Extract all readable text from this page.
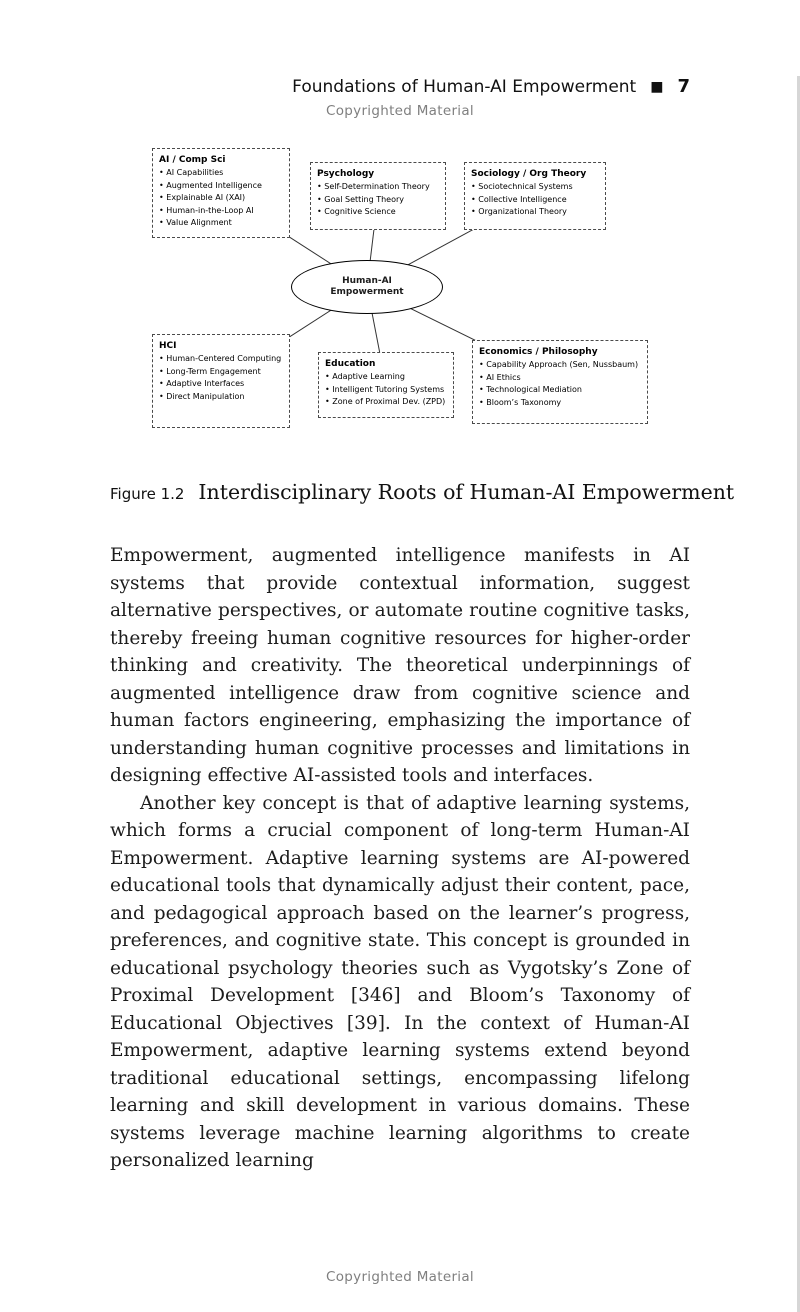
Copyrighted Material
Foundations of Human-AI Empowerment ■ 7
AI / Comp Sci
• AI Capabilities
• Augmented Intelligence
• Explainable AI (XAI)
• Human-in-the-Loop AI
• Value Alignment
Psychology
• Self-Determination Theory
• Goal Setting Theory
• Cognitive Science
Sociology / Org Theory
• Sociotechnical Systems
• Collective Intelligence
• Organizational Theory
Human-AI
Empowerment
HCI
• Human-Centered Computing
• Long-Term Engagement
• Adaptive Interfaces
• Direct Manipulation
Education
• Adaptive Learning
• Intelligent Tutoring Systems
• Zone of Proximal Dev. (ZPD)
Economics / Philosophy
• Capability Approach (Sen, Nussbaum)
• AI Ethics
• Technological Mediation
• Bloom’s Taxonomy
Figure 1.2 Interdisciplinary Roots of Human-AI Empowerment

Empowerment, augmented intelligence manifests in AI systems that provide contextual information, suggest alternative perspectives, or automate routine cognitive tasks, thereby freeing human cognitive resources for higher-order thinking and creativity. The theoretical underpinnings of augmented intelligence draw from cognitive science and human factors engineering, emphasizing the importance of understanding human cognitive processes and limitations in designing effective AI-assisted tools and interfaces.

Another key concept is that of adaptive learning systems, which forms a crucial component of long-term Human-AI Empowerment. Adaptive learning systems are AI-powered educational tools that dynamically adjust their content, pace, and pedagogical approach based on the learner’s progress, preferences, and cognitive state. This concept is grounded in educational psychology theories such as Vygotsky’s Zone of Proximal Development [346] and Bloom’s Taxonomy of Educational Objectives [39]. In the context of Human-AI Empowerment, adaptive learning systems extend beyond traditional educational settings, encompassing lifelong learning and skill development in various domains. These systems leverage machine learning algorithms to create personalized learning

Copyrighted Material
